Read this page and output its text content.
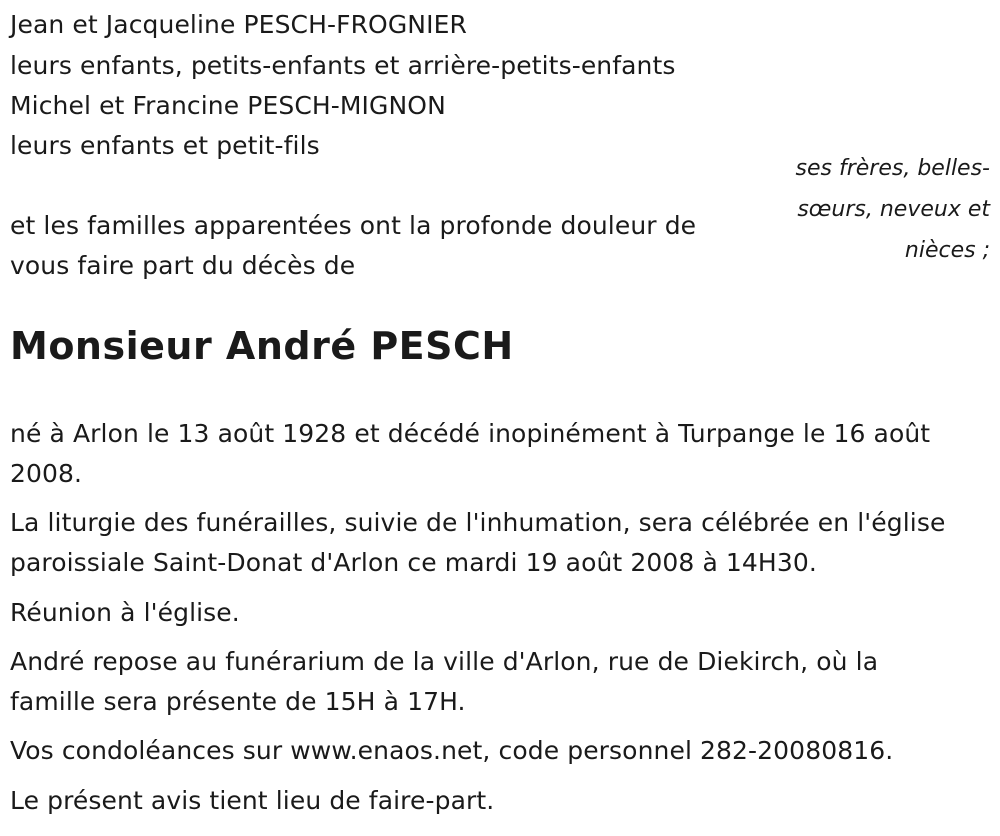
Jean et Jacqueline PESCH-FROGNIER
leurs enfants, petits-enfants et arrière-petits-enfants
Michel et Francine PESCH-MIGNON
leurs enfants et petit-fils
ses frères, belles-
sœurs, neveux et
nièces ;
et les familles apparentées ont la profonde douleur de
vous faire part du décès de
Monsieur André PESCH
né à Arlon le 13 août 1928 et décédé inopinément à Turpange le 16 août
2008.
La liturgie des funérailles, suivie de l'inhumation, sera célébrée en l'église
paroissiale Saint-Donat d'Arlon ce mardi 19 août 2008 à 14H30.
Réunion à l'église.
André repose au funérarium de la ville d'Arlon, rue de Diekirch, où la
famille sera présente de 15H à 17H.
Vos condoléances sur www.enaos.net, code personnel 282-20080816.
Le présent avis tient lieu de faire-part.
